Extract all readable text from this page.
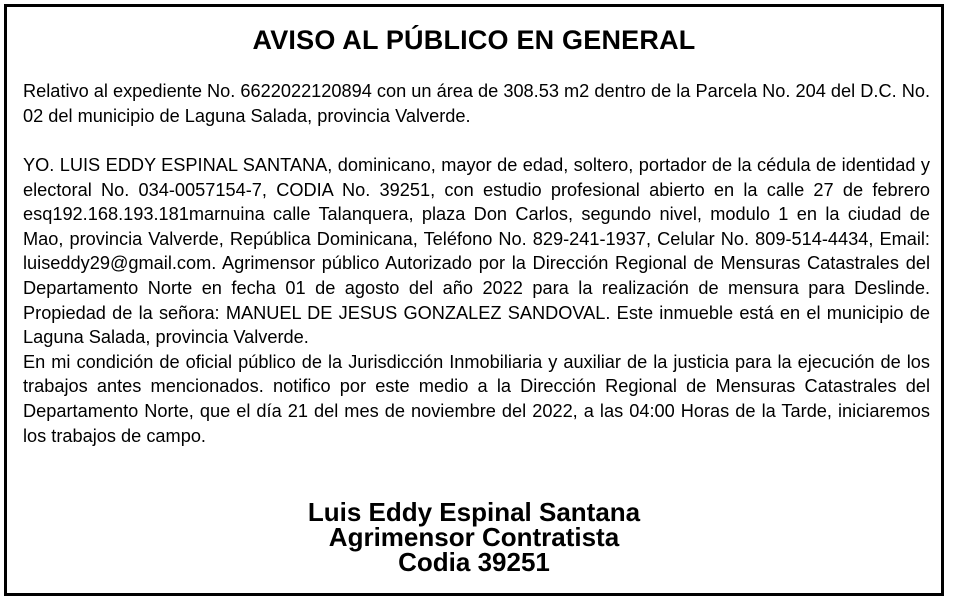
AVISO AL PÚBLICO EN GENERAL
Relativo al expediente No. 6622022120894 con un área de 308.53 m2 dentro de la Parcela No. 204 del D.C. No. 02 del municipio de Laguna Salada, provincia Valverde.

YO. LUIS EDDY ESPINAL SANTANA, dominicano, mayor de edad, soltero, portador de la cédula de identidad y electoral No. 034-0057154-7, CODIA No. 39251, con estudio profesional abierto en la calle 27 de febrero esq192.168.193.181marnuina calle Talanquera, plaza Don Carlos, segundo nivel, modulo 1 en la ciudad de Mao, provincia Valverde, República Dominicana, Teléfono No. 829-241-1937, Celular No. 809-514-4434, Email: luiseddy29@gmail.com. Agrimensor público Autorizado por la Dirección Regional de Mensuras Catastrales del Departamento Norte en fecha 01 de agosto del año 2022 para la realización de mensura para Deslinde. Propiedad de la señora: MANUEL DE JESUS GONZALEZ SANDOVAL. Este inmueble está en el municipio de Laguna Salada, provincia Valverde.

En mi condición de oficial público de la Jurisdicción Inmobiliaria y auxiliar de la justicia para la ejecución de los trabajos antes mencionados. notifico por este medio a la Dirección Regional de Mensuras Catastrales del Departamento Norte, que el día 21 del mes de noviembre del 2022, a las 04:00 Horas de la Tarde, iniciaremos los trabajos de campo.

Luis Eddy Espinal Santana
Agrimensor Contratista
Codia 39251
